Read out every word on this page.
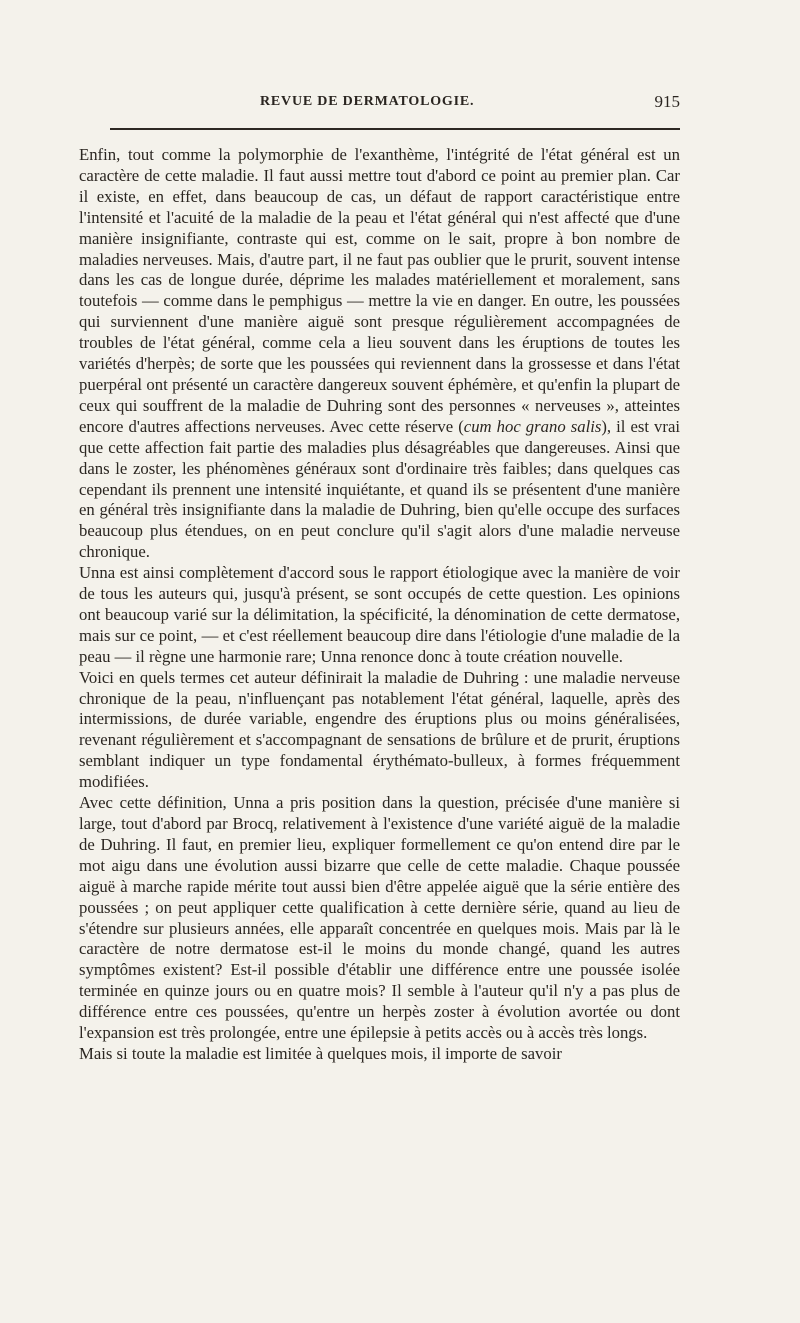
REVUE DE DERMATOLOGIE.	915

Enfin, tout comme la polymorphie de l'exanthème, l'intégrité de l'état général est un caractère de cette maladie. Il faut aussi mettre tout d'abord ce point au premier plan. Car il existe, en effet, dans beaucoup de cas, un défaut de rapport caractéristique entre l'intensité et l'acuité de la maladie de la peau et l'état général qui n'est affecté que d'une manière insignifiante, contraste qui est, comme on le sait, propre à bon nombre de maladies nerveuses. Mais, d'autre part, il ne faut pas oublier que le prurit, souvent intense dans les cas de longue durée, déprime les malades matériellement et moralement, sans toutefois — comme dans le pemphigus — mettre la vie en danger. En outre, les poussées qui surviennent d'une manière aiguë sont presque régulièrement accompagnées de troubles de l'état général, comme cela a lieu souvent dans les éruptions de toutes les variétés d'herpès; de sorte que les poussées qui reviennent dans la grossesse et dans l'état puerpéral ont présenté un caractère dangereux souvent éphémère, et qu'enfin la plupart de ceux qui souffrent de la maladie de Duhring sont des personnes « nerveuses », atteintes encore d'autres affections nerveuses. Avec cette réserve (cum hoc grano salis), il est vrai que cette affection fait partie des maladies plus désagréables que dangereuses. Ainsi que dans le zoster, les phénomènes généraux sont d'ordinaire très faibles; dans quelques cas cependant ils prennent une intensité inquiétante, et quand ils se présentent d'une manière en général très insignifiante dans la maladie de Duhring, bien qu'elle occupe des surfaces beaucoup plus étendues, on en peut conclure qu'il s'agit alors d'une maladie nerveuse chronique.

Unna est ainsi complètement d'accord sous le rapport étiologique avec la manière de voir de tous les auteurs qui, jusqu'à présent, se sont occupés de cette question. Les opinions ont beaucoup varié sur la délimitation, la spécificité, la dénomination de cette dermatose, mais sur ce point, — et c'est réellement beaucoup dire dans l'étiologie d'une maladie de la peau — il règne une harmonie rare; Unna renonce donc à toute création nouvelle.

Voici en quels termes cet auteur définirait la maladie de Duhring : une maladie nerveuse chronique de la peau, n'influençant pas notablement l'état général, laquelle, après des intermissions, de durée variable, engendre des éruptions plus ou moins généralisées, revenant régulièrement et s'accompagnant de sensations de brûlure et de prurit, éruptions semblant indiquer un type fondamental érythémato-bulleux, à formes fréquemment modifiées.

Avec cette définition, Unna a pris position dans la question, précisée d'une manière si large, tout d'abord par Brocq, relativement à l'existence d'une variété aiguë de la maladie de Duhring. Il faut, en premier lieu, expliquer formellement ce qu'on entend dire par le mot aigu dans une évolution aussi bizarre que celle de cette maladie. Chaque poussée aiguë à marche rapide mérite tout aussi bien d'être appelée aiguë que la série entière des poussées ; on peut appliquer cette qualification à cette dernière série, quand au lieu de s'étendre sur plusieurs années, elle apparaît concentrée en quelques mois. Mais par là le caractère de notre dermatose est-il le moins du monde changé, quand les autres symptômes existent? Est-il possible d'établir une différence entre une poussée isolée terminée en quinze jours ou en quatre mois? Il semble à l'auteur qu'il n'y a pas plus de différence entre ces poussées, qu'entre un herpès zoster à évolution avortée ou dont l'expansion est très prolongée, entre une épilepsie à petits accès ou à accès très longs.

Mais si toute la maladie est limitée à quelques mois, il importe de savoir
